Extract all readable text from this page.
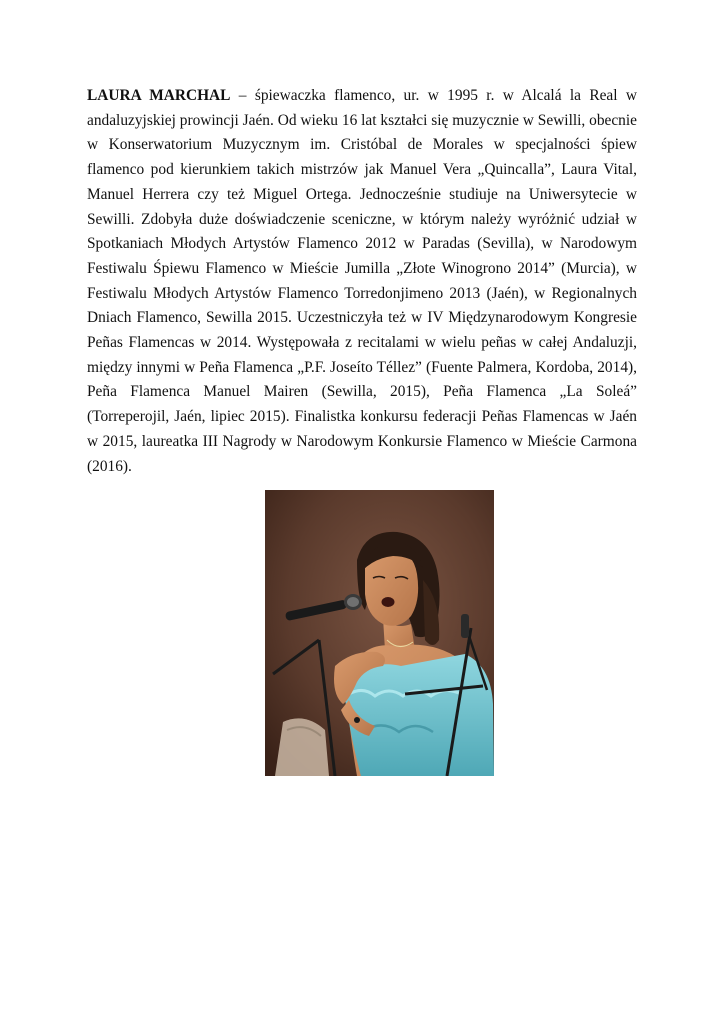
LAURA MARCHAL – śpiewaczka flamenco, ur. w 1995 r. w Alcalá la Real w andaluzyjskiej prowincji Jaén. Od wieku 16 lat kształci się muzycznie w Sewilli, obecnie w Konserwatorium Muzycznym im. Cristóbal de Morales w specjalności śpiew flamenco pod kierunkiem takich mistrzów jak Manuel Vera „Quincalla”, Laura Vital, Manuel Herrera czy też Miguel Ortega. Jednocześnie studiuje na Uniwersytecie w Sewilli. Zdobyła duże doświadczenie sceniczne, w którym należy wyróżnić udział w Spotkaniach Młodych Artystów Flamenco 2012 w Paradas (Sevilla), w Narodowym Festiwalu Śpiewu Flamenco w Mieście Jumilla „Złote Winogrono 2014” (Murcia), w Festiwalu Młodych Artystów Flamenco Torredonjimeno 2013 (Jaén), w Regionalnych Dniach Flamenco, Sewilla 2015. Uczestniczyła też w IV Międzynarodowym Kongresie Peñas Flamencas w 2014. Występowała z recitalami w wielu peñas w całej Andaluzji, między innymi w Peña Flamenca „P.F. Joseíto Téllez” (Fuente Palmera, Kordoba, 2014), Peña Flamenca Manuel Mairen (Sewilla, 2015), Peña Flamenca „La Soleá” (Torreperojil, Jaén, lipiec 2015). Finalistka konkursu federacji Peñas Flamencas w Jaén w 2015, laureatka III Nagrody w Narodowym Konkursie Flamenco w Mieście Carmona (2016).
